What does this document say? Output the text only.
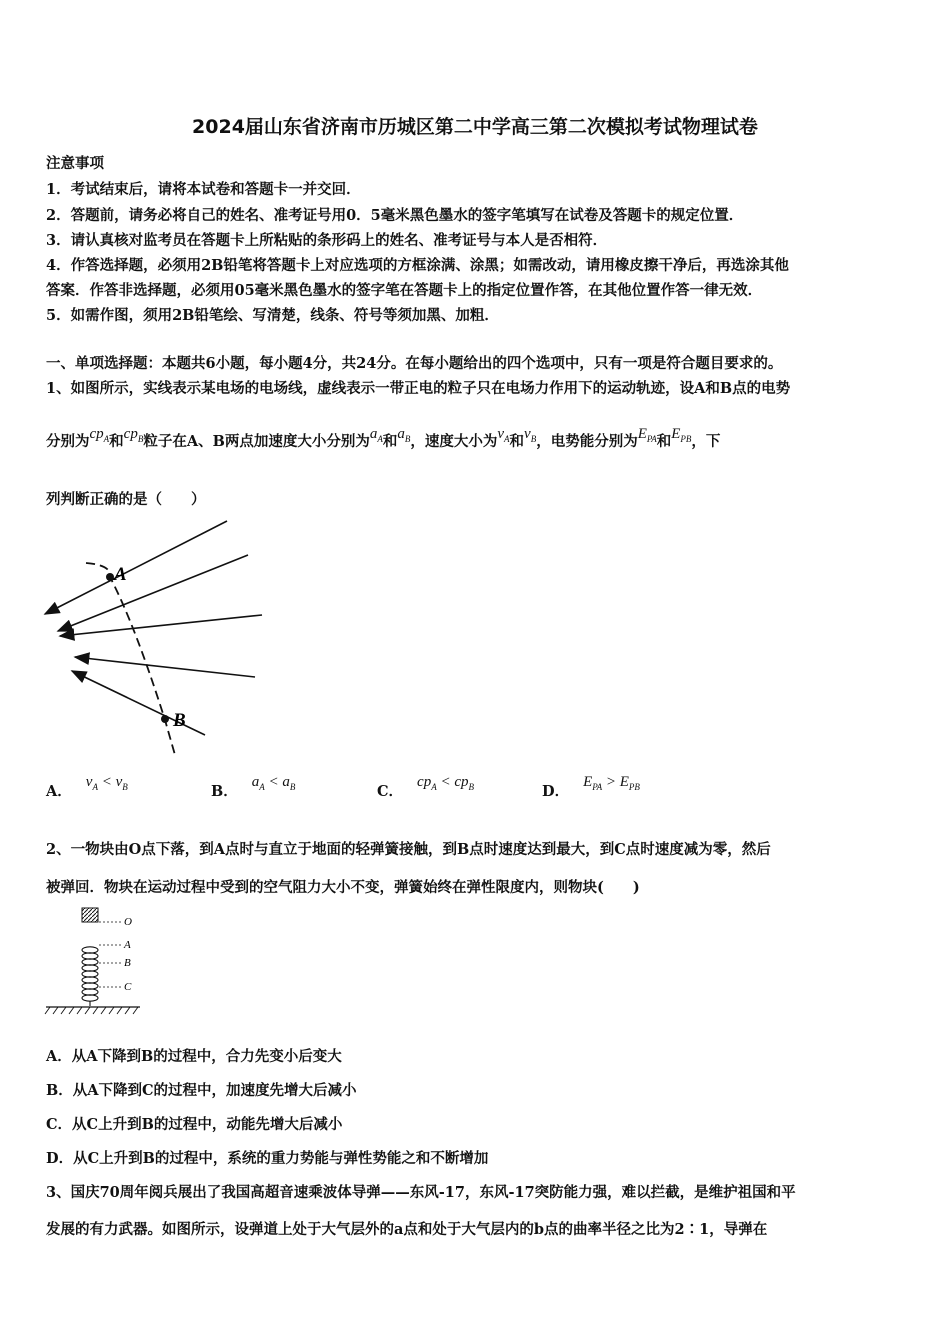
2024届山东省济南市历城区第二中学高三第二次模拟考试物理试卷
注意事项
1．考试结束后，请将本试卷和答题卡一并交回．
2．答题前，请务必将自己的姓名、准考证号用0．5毫米黑色墨水的签字笔填写在试卷及答题卡的规定位置．
3．请认真核对监考员在答题卡上所粘贴的条形码上的姓名、准考证号与本人是否相符．
4．作答选择题，必须用2B铅笔将答题卡上对应选项的方框涂满、涂黑；如需改动，请用橡皮擦干净后，再选涂其他
答案．作答非选择题，必须用05毫米黑色墨水的签字笔在答题卡上的指定位置作答，在其他位置作答一律无效．
5．如需作图，须用2B铅笔绘、写清楚，线条、符号等须加黑、加粗．
一、单项选择题：本题共6小题，每小题4分，共24分。在每小题给出的四个选项中，只有一项是符合题目要求的。
1、如图所示，实线表示某电场的电场线，虚线表示一带正电的粒子只在电场力作用下的运动轨迹，设A和B点的电势
分别为$cp_A$和$cp_B$粒子在A、B两点加速度大小分别为$a_A$和$a_B$，速度大小为$v_A$和$v_B$，电势能分别为$E_{PA}$和$E_{PB}$，下
列判断正确的是（　　）
A
B
A．$v_A < v_B$	B．$a_A < a_B$	C．$cp_A < cp_B$	D．$E_{PA} > E_{PB}$
2、一物块由O点下落，到A点时与直立于地面的轻弹簧接触，到B点时速度达到最大，到C点时速度减为零，然后
被弹回．物块在运动过程中受到的空气阻力大小不变，弹簧始终在弹性限度内，则物块(　　)
O
A
B
C
A．从A下降到B的过程中，合力先变小后变大
B．从A下降到C的过程中，加速度先增大后减小
C．从C上升到B的过程中，动能先增大后减小
D．从C上升到B的过程中，系统的重力势能与弹性势能之和不断增加
3、国庆70周年阅兵展出了我国高超音速乘波体导弹——东风-17，东风-17突防能力强，难以拦截，是维护祖国和平
发展的有力武器。如图所示，设弹道上处于大气层外的a点和处于大气层内的b点的曲率半径之比为2∶1，导弹在
